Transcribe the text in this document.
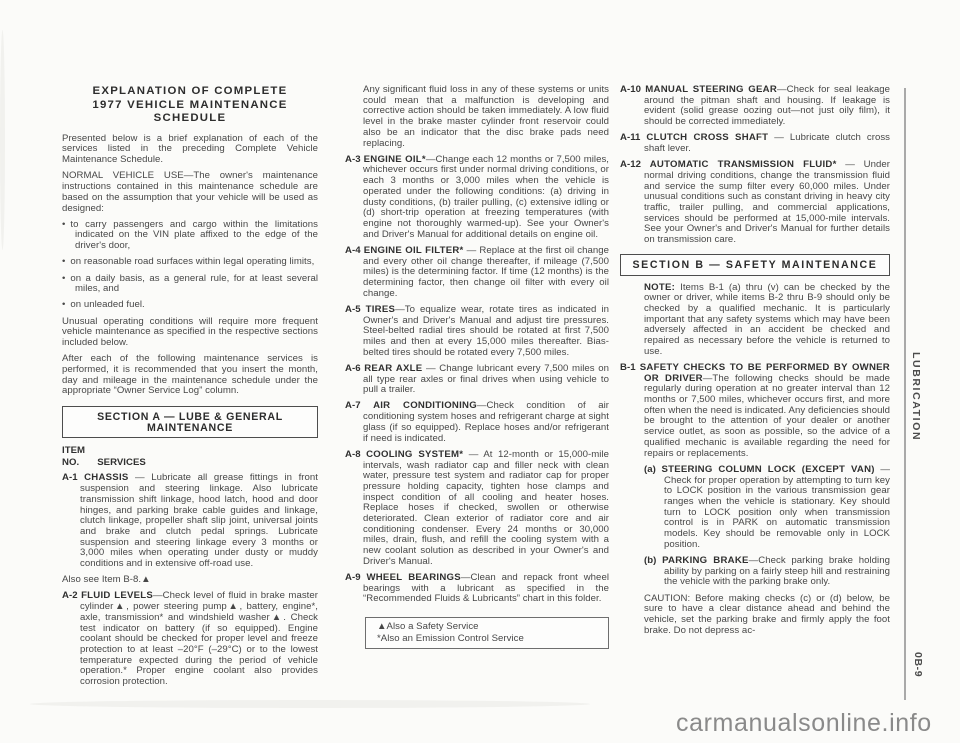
EXPLANATION OF COMPLETE
1977 VEHICLE MAINTENANCE SCHEDULE

Presented below is a brief explanation of each of the services listed in the preceding Complete Vehicle Maintenance Schedule.

NORMAL VEHICLE USE—The owner's maintenance instructions contained in this maintenance schedule are based on the assumption that your vehicle will be used as designed:

• to carry passengers and cargo within the limitations indicated on the VIN plate affixed to the edge of the driver's door,
• on reasonable road surfaces within legal operating limits,
• on a daily basis, as a general rule, for at least several miles, and
• on unleaded fuel.

Unusual operating conditions will require more frequent vehicle maintenance as specified in the respective sections included below.

After each of the following maintenance services is performed, it is recommended that you insert the month, day and mileage in the maintenance schedule under the appropriate “Owner Service Log” column.

SECTION A — LUBE & GENERAL MAINTENANCE
ITEM
NO. SERVICES

A-1 CHASSIS — Lubricate all grease fittings in front suspension and steering linkage. Also lubricate transmission shift linkage, hood latch, hood and door hinges, and parking brake cable guides and linkage, clutch linkage, propeller shaft slip joint, universal joints and brake and clutch pedal springs. Lubricate suspension and steering linkage every 3 months or 3,000 miles when operating under dusty or muddy conditions and in extensive off-road use.

Also see Item B-8.▲

A-2 FLUID LEVELS—Check level of fluid in brake master cylinder▲, power steering pump▲, battery, engine*, axle, transmission* and windshield washer▲. Check test indicator on battery (if so equipped). Engine coolant should be checked for proper level and freeze protection to at least –20°F (–29°C) or to the lowest temperature expected during the period of vehicle operation.* Proper engine coolant also provides corrosion protection.

Any significant fluid loss in any of these systems or units could mean that a malfunction is developing and corrective action should be taken immediately. A low fluid level in the brake master cylinder front reservoir could also be an indicator that the disc brake pads need replacing.

A-3 ENGINE OIL*—Change each 12 months or 7,500 miles, whichever occurs first under normal driving conditions, or each 3 months or 3,000 miles when the vehicle is operated under the following conditions: (a) driving in dusty conditions, (b) trailer pulling, (c) extensive idling or (d) short-trip operation at freezing temperatures (with engine not thoroughly warmed-up). See your Owner's and Driver's Manual for additional details on engine oil.

A-4 ENGINE OIL FILTER* — Replace at the first oil change and every other oil change thereafter, if mileage (7,500 miles) is the determining factor. If time (12 months) is the determining factor, then change oil filter with every oil change.

A-5 TIRES—To equalize wear, rotate tires as indicated in Owner's and Driver's Manual and adjust tire pressures. Steel-belted radial tires should be rotated at first 7,500 miles and then at every 15,000 miles thereafter. Bias-belted tires should be rotated every 7,500 miles.

A-6 REAR AXLE — Change lubricant every 7,500 miles on all type rear axles or final drives when using vehicle to pull a trailer.

A-7 AIR CONDITIONING—Check condition of air conditioning system hoses and refrigerant charge at sight glass (if so equipped). Replace hoses and/or refrigerant if need is indicated.

A-8 COOLING SYSTEM* — At 12-month or 15,000-mile intervals, wash radiator cap and filler neck with clean water, pressure test system and radiator cap for proper pressure holding capacity, tighten hose clamps and inspect condition of all cooling and heater hoses. Replace hoses if checked, swollen or otherwise deteriorated. Clean exterior of radiator core and air conditioning condenser. Every 24 months or 30,000 miles, drain, flush, and refill the cooling system with a new coolant solution as described in your Owner's and Driver's Manual.

A-9 WHEEL BEARINGS—Clean and repack front wheel bearings with a lubricant as specified in the “Recommended Fluids & Lubricants” chart in this folder.

▲Also a Safety Service
*Also an Emission Control Service

A-10 MANUAL STEERING GEAR—Check for seal leakage around the pitman shaft and housing. If leakage is evident (solid grease oozing out—not just oily film), it should be corrected immediately.

A-11 CLUTCH CROSS SHAFT — Lubricate clutch cross shaft lever.

A-12 AUTOMATIC TRANSMISSION FLUID* — Under normal driving conditions, change the transmission fluid and service the sump filter every 60,000 miles. Under unusual conditions such as constant driving in heavy city traffic, trailer pulling, and commercial applications, services should be performed at 15,000-mile intervals. See your Owner's and Driver's Manual for further details on transmission care.

SECTION B — SAFETY MAINTENANCE

NOTE: Items B-1 (a) thru (v) can be checked by the owner or driver, while items B-2 thru B-9 should only be checked by a qualified mechanic. It is particularly important that any safety systems which may have been adversely affected in an accident be checked and repaired as necessary before the vehicle is returned to use.

B-1 SAFETY CHECKS TO BE PERFORMED BY OWNER OR DRIVER—The following checks should be made regularly during operation at no greater interval than 12 months or 7,500 miles, whichever occurs first, and more often when the need is indicated. Any deficiencies should be brought to the attention of your dealer or another service outlet, as soon as possible, so the advice of a qualified mechanic is available regarding the need for repairs or replacements.

(a) STEERING COLUMN LOCK (EXCEPT VAN) — Check for proper operation by attempting to turn key to LOCK position in the various transmission gear ranges when the vehicle is stationary. Key should turn to LOCK position only when transmission control is in PARK on automatic transmission models. Key should be removable only in LOCK position.

(b) PARKING BRAKE—Check parking brake holding ability by parking on a fairly steep hill and restraining the vehicle with the parking brake only.

CAUTION: Before making checks (c) or (d) below, be sure to have a clear distance ahead and behind the vehicle, set the parking brake and firmly apply the foot brake. Do not depress ac-

LUBRICATION
0B-9
carmanualsonline.info
